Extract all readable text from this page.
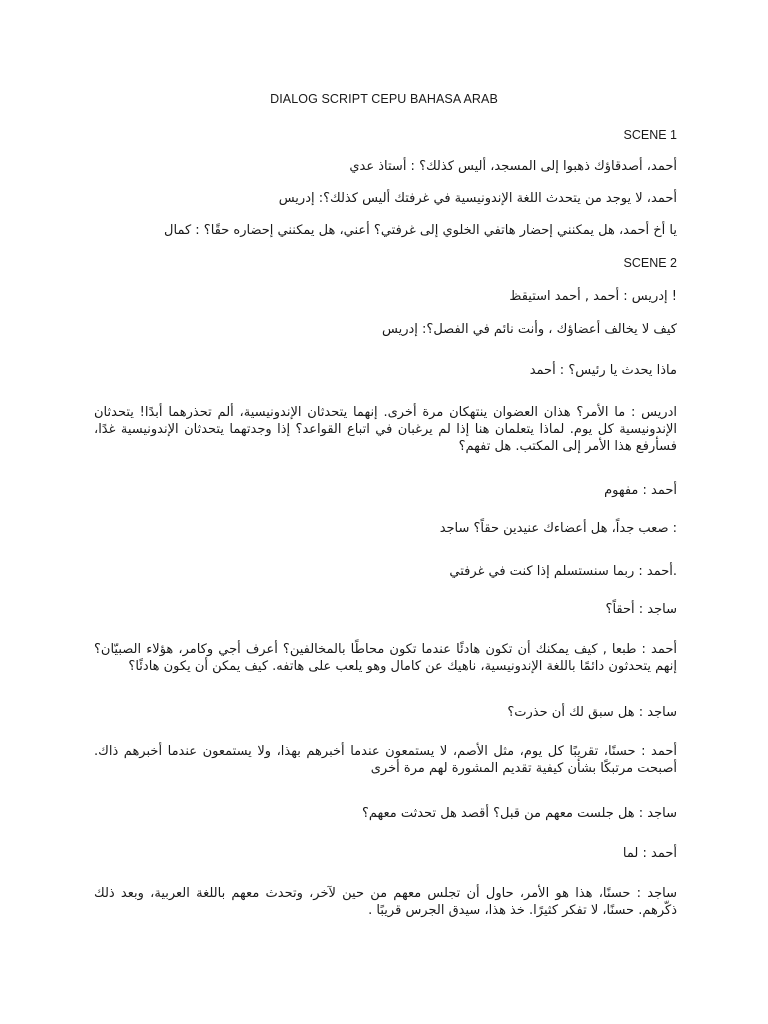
DIALOG SCRIPT CEPU BAHASA ARAB
SCENE 1
أحمد، أصدقاؤك ذهبوا إلى المسجد، أليس كذلك؟ : أستاذ عدي
أحمد، لا يوجد من يتحدث اللغة الإندونيسية في غرفتك أليس كذلك؟: إدريس
يا أخ أحمد، هل يمكنني إحضار هاتفي الخلوي إلى غرفتي؟ أعني، هل يمكنني إحضاره حقًا؟ : كمال
SCENE 2
! إدريس : أحمد , أحمد استيقظ
كيف لا يخالف أعضاؤك ، وأنت نائم في الفصل؟: إدريس
ماذا يحدث يا رئيس؟ : أحمد
ادريس : ما الأمر؟ هذان العضوان ينتهكان مرة أخرى. إنهما يتحدثان الإندونيسية، ألم تحذرهما أبدًا! يتحدثان الإندونيسية كل يوم. لماذا يتعلمان هنا إذا لم يرغبان في اتباع القواعد؟ إذا وجدتهما يتحدثان الإندونيسية غدًا، فسأرفع هذا الأمر إلى المكتب. هل تفهم؟
أحمد : مفهوم
: صعب جداً، هل أعضاءك عنيدين حقاً؟ ساجد
.أحمد : ربما سنستسلم إذا كنت في غرفتي
ساجد : أحقاً؟
أحمد : طبعا , كيف يمكنك أن تكون هادئًا عندما تكون محاطًا بالمخالفين؟ أعرف أجي وكامر، هؤلاء الصبيّان؟ إنهم يتحدثون دائمًا باللغة الإندونيسية، ناهيك عن كامال وهو يلعب على هاتفه. كيف يمكن أن يكون هادئًا؟
ساجد : هل سبق لك أن حذرت؟
أحمد : حسنًا، تقريبًا كل يوم، مثل الأصم، لا يستمعون عندما أخبرهم بهذا، ولا يستمعون عندما أخبرهم ذاك. أصبحت مرتبكًا بشأن كيفية تقديم المشورة لهم مرة أخرى
ساجد : هل جلست معهم من قبل؟ أقصد هل تحدثت معهم؟
أحمد : لما
ساجد : حسنًا، هذا هو الأمر، حاول أن تجلس معهم من حين لآخر، وتحدث معهم باللغة العربية، وبعد ذلك ذكّرهم. حسنًا، لا تفكر كثيرًا. خذ هذا، سيدق الجرس قريبًا .
